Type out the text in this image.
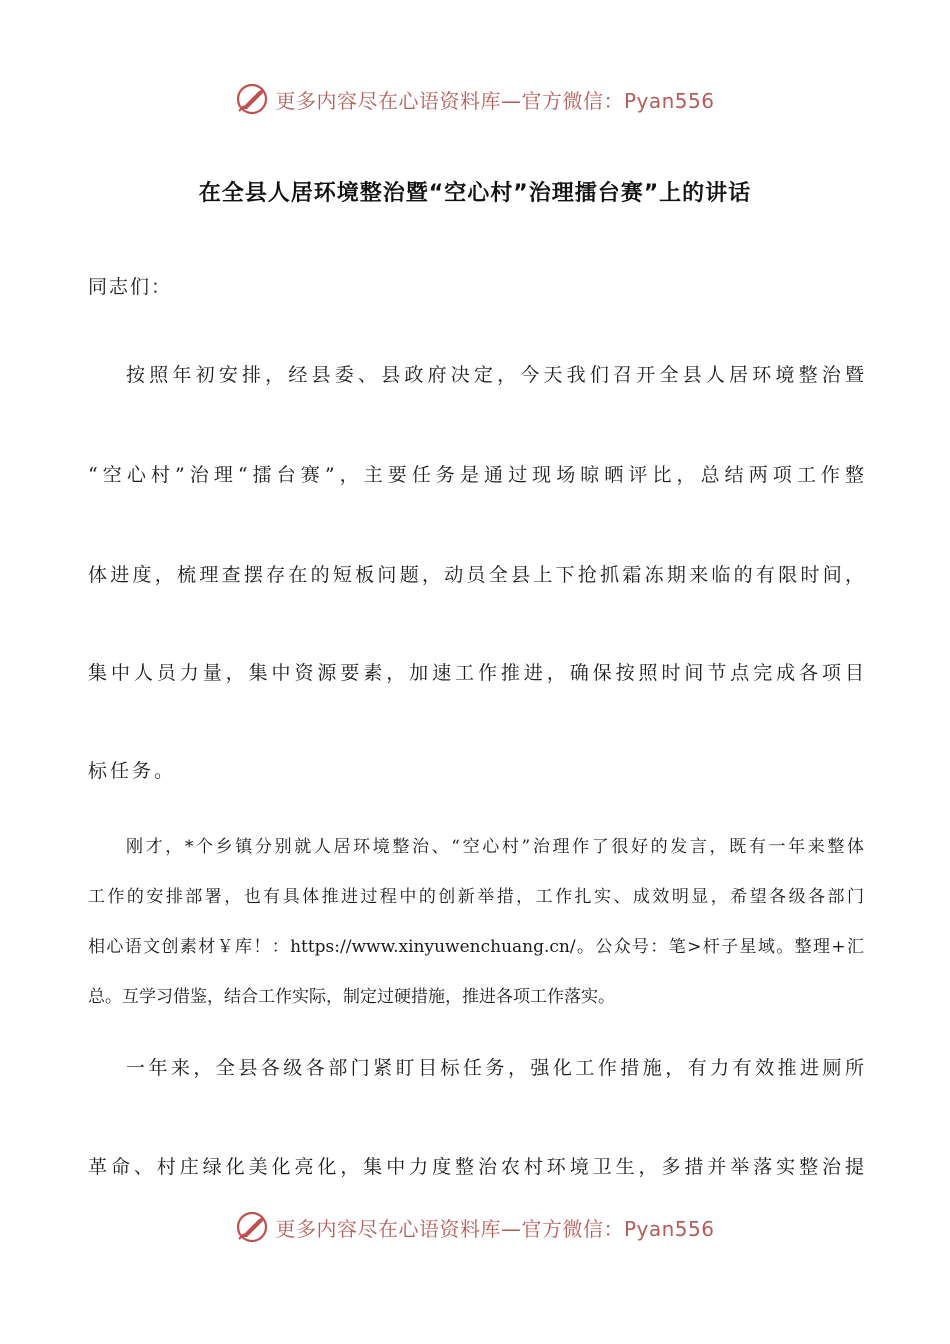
更多内容尽在心语资料库—官方微信：Pyan556
在全县人居环境整治暨“空心村”治理擂台赛”上的讲话
同志们：
按照年初安排，经县委、县政府决定，今天我们召开全县人居环境整治暨
“空心村”治理“擂台赛”，主要任务是通过现场晾晒评比，总结两项工作整
体进度，梳理查摆存在的短板问题，动员全县上下抢抓霜冻期来临的有限时间，
集中人员力量，集中资源要素，加速工作推进，确保按照时间节点完成各项目
标任务。
刚才，*个乡镇分别就人居环境整治、“空心村”治理作了很好的发言，既有一年来整体
工作的安排部署，也有具体推进过程中的创新举措，工作扎实、成效明显，希望各级各部门
相心语文创素材￥库！：https://www.xinyuwenchuang.cn/。公众号：笔>杆子星域。整理+汇
总。互学习借鉴，结合工作实际，制定过硬措施，推进各项工作落实。
一年来，全县各级各部门紧盯目标任务，强化工作措施，有力有效推进厕所
革命、村庄绿化美化亮化，集中力度整治农村环境卫生，多措并举落实整治提
更多内容尽在心语资料库—官方微信：Pyan556
